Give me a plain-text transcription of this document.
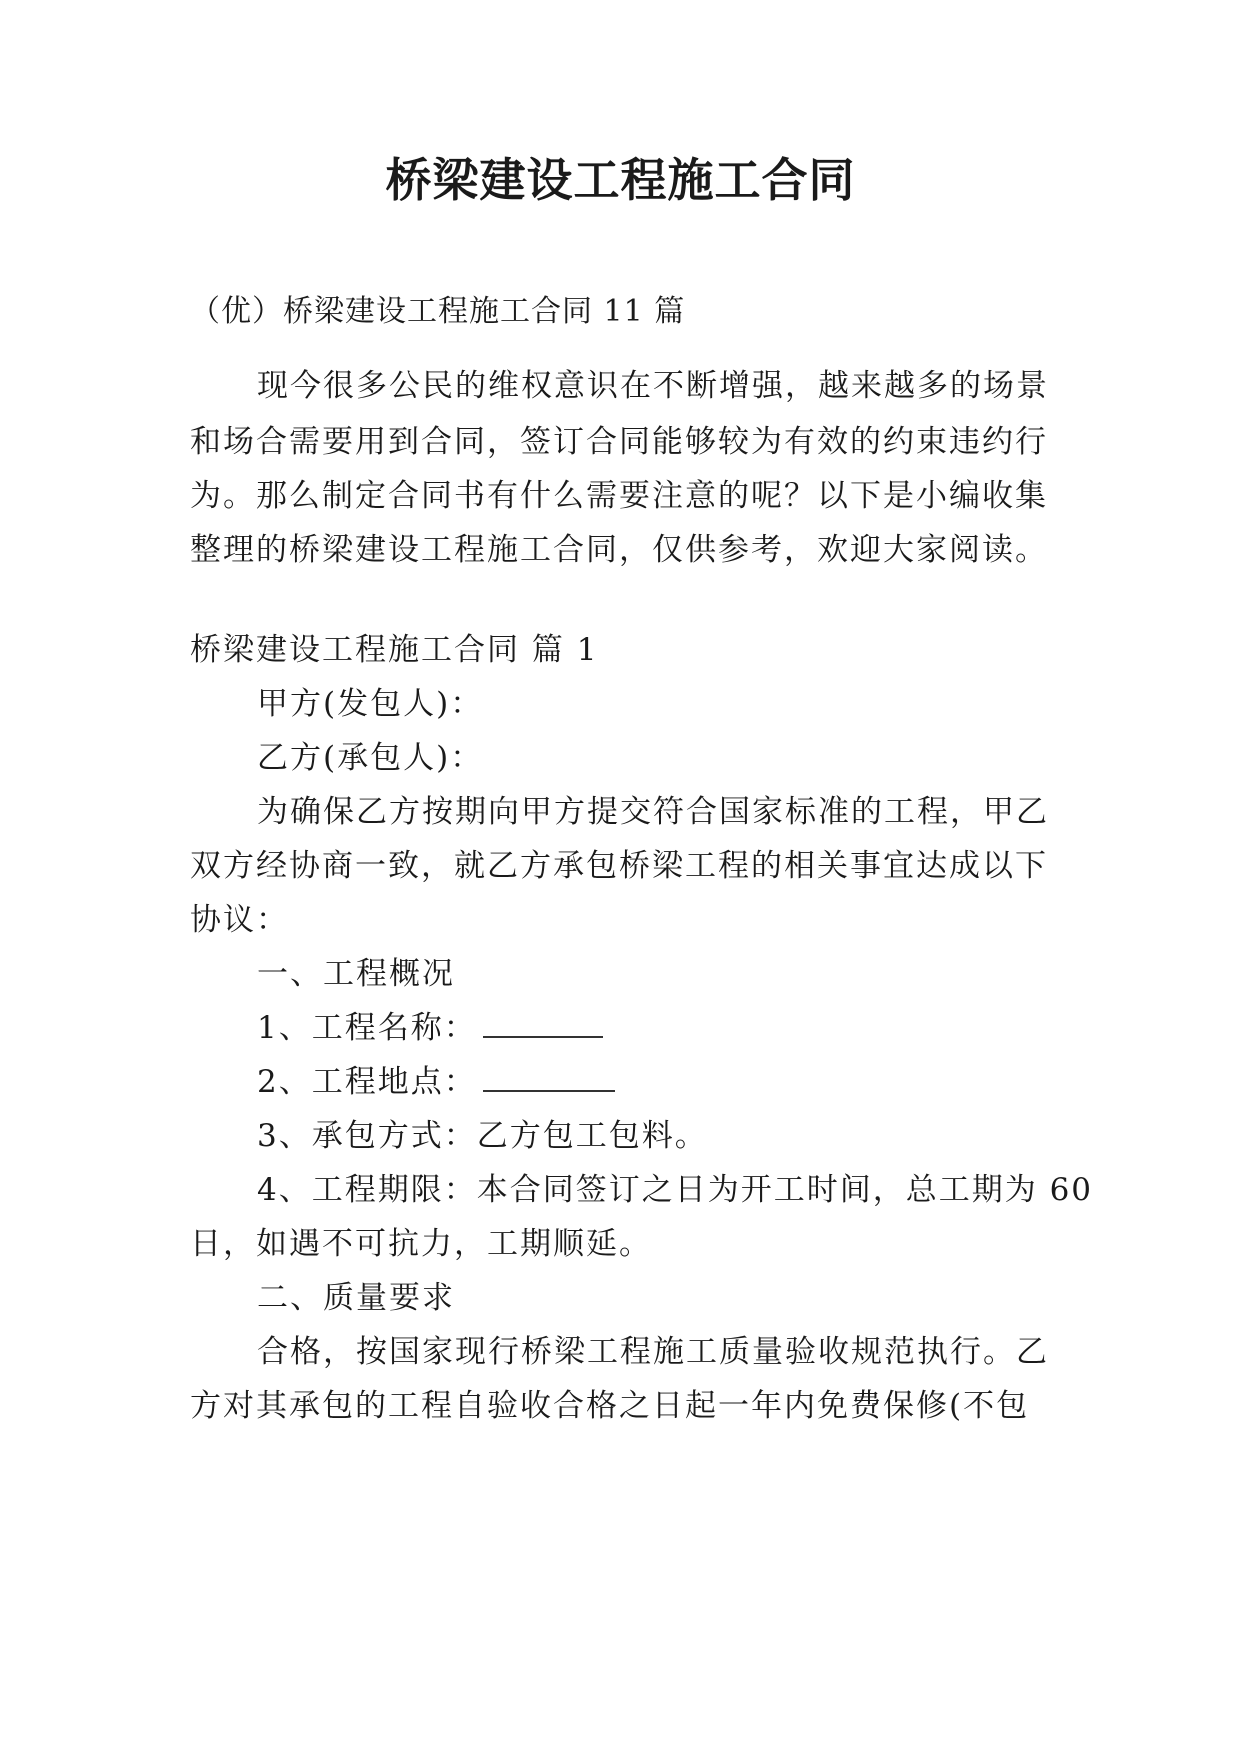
桥梁建设工程施工合同
（优）桥梁建设工程施工合同 11 篇
现今很多公民的维权意识在不断增强，越来越多的场景
和场合需要用到合同，签订合同能够较为有效的约束违约行
为。那么制定合同书有什么需要注意的呢？以下是小编收集
整理的桥梁建设工程施工合同，仅供参考，欢迎大家阅读。
桥梁建设工程施工合同 篇 1
甲方(发包人)：
乙方(承包人)：
为确保乙方按期向甲方提交符合国家标准的工程，甲乙
双方经协商一致，就乙方承包桥梁工程的相关事宜达成以下
协议：
一、工程概况
1、工程名称：
2、工程地点：
3、承包方式：乙方包工包料。
4、工程期限：本合同签订之日为开工时间，总工期为 60
日，如遇不可抗力，工期顺延。
二、质量要求
合格，按国家现行桥梁工程施工质量验收规范执行。乙
方对其承包的工程自验收合格之日起一年内免费保修(不包
